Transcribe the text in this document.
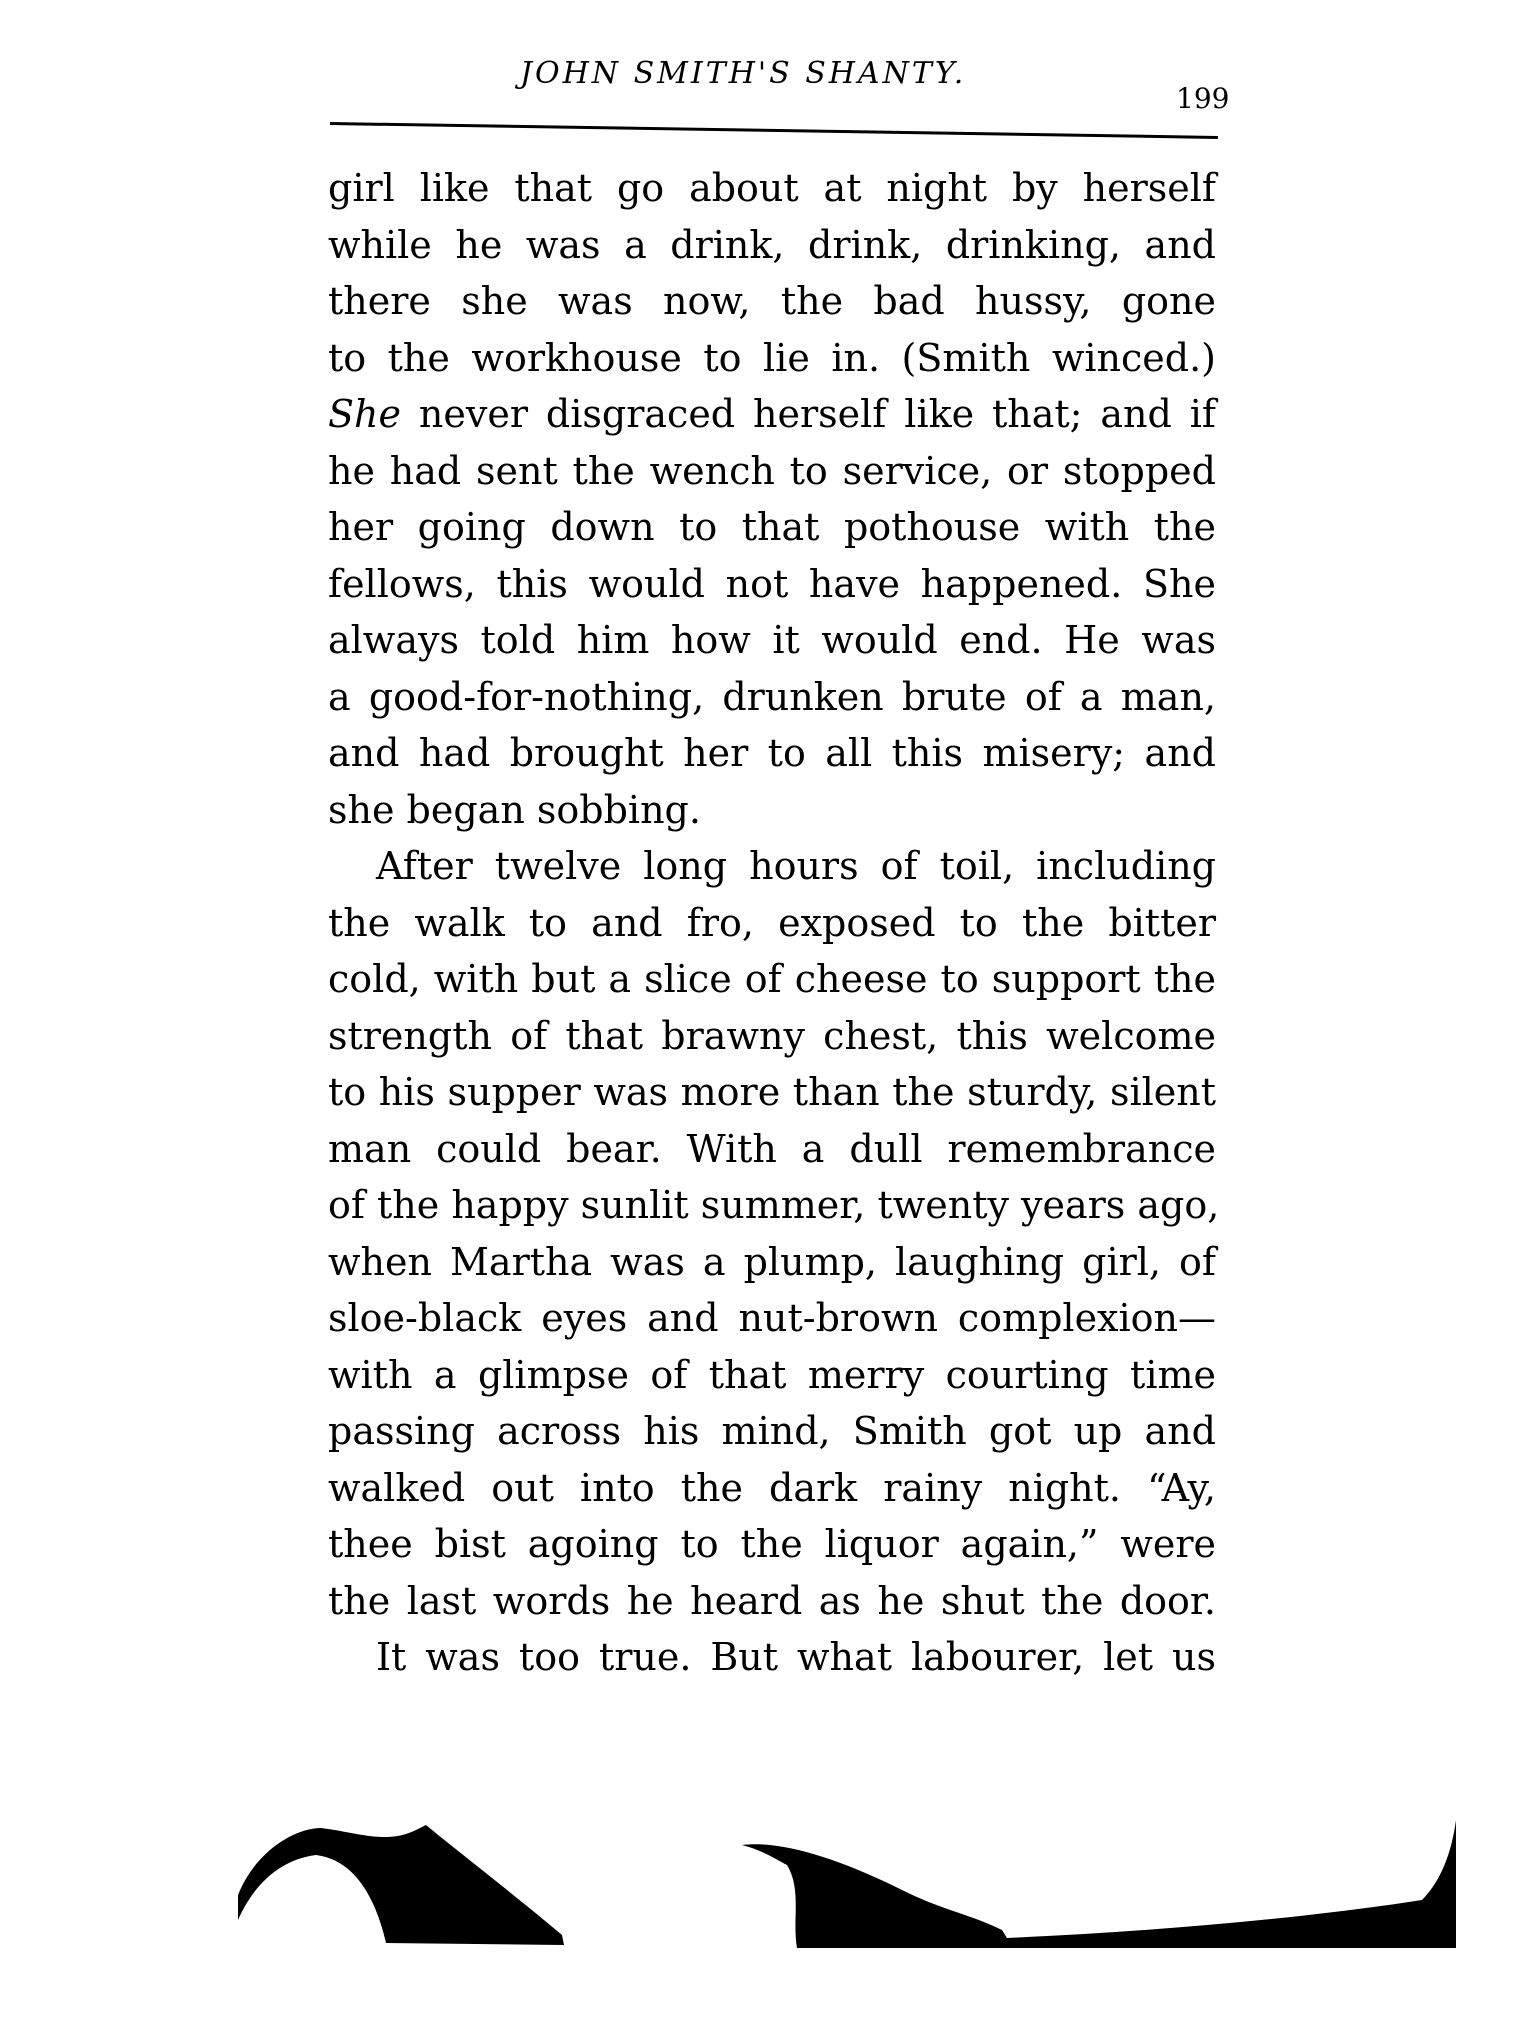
JOHN SMITH'S SHANTY.
199
girl like that go about at night by herself
while he was a drink, drink, drinking, and
there she was now, the bad hussy, gone
to the workhouse to lie in. (Smith winced.)
She never disgraced herself like that; and if
he had sent the wench to service, or stopped
her going down to that pothouse with the
fellows, this would not have happened. She
always told him how it would end. He was
a good-for-nothing, drunken brute of a man,
and had brought her to all this misery; and
she began sobbing.
After twelve long hours of toil, including
the walk to and fro, exposed to the bitter
cold, with but a slice of cheese to support the
strength of that brawny chest, this welcome
to his supper was more than the sturdy, silent
man could bear. With a dull remembrance
of the happy sunlit summer, twenty years ago,
when Martha was a plump, laughing girl, of
sloe-black eyes and nut-brown complexion—
with a glimpse of that merry courting time
passing across his mind, Smith got up and
walked out into the dark rainy night. “Ay,
thee bist agoing to the liquor again,” were
the last words he heard as he shut the door.
It was too true. But what labourer, let us
